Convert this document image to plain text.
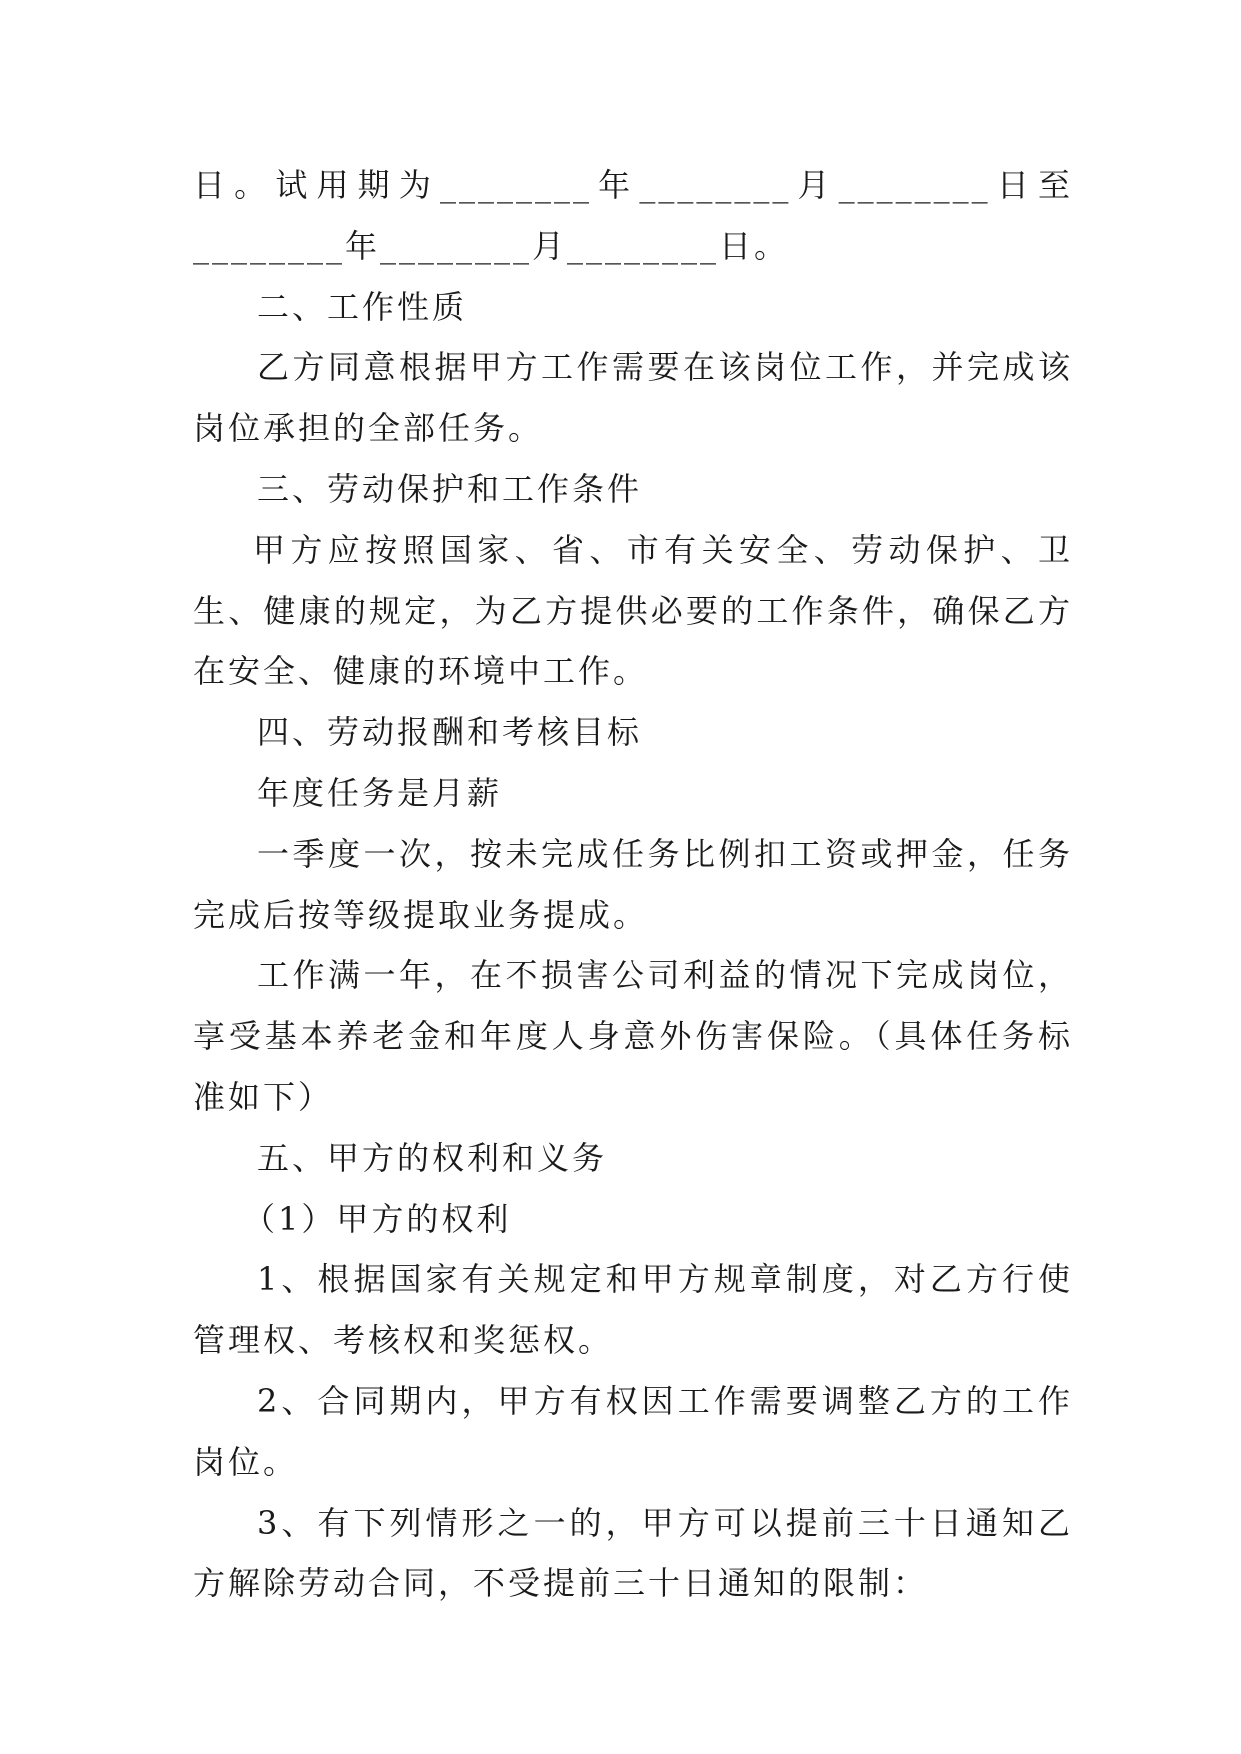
日。试用期为________年________月________日至________年________月________日。

二、工作性质

乙方同意根据甲方工作需要在该岗位工作，并完成该岗位承担的全部任务。

三、劳动保护和工作条件

甲方应按照国家、省、市有关安全、劳动保护、卫生、健康的规定，为乙方提供必要的工作条件，确保乙方在安全、健康的环境中工作。

四、劳动报酬和考核目标

年度任务是月薪

一季度一次，按未完成任务比例扣工资或押金，任务完成后按等级提取业务提成。

工作满一年，在不损害公司利益的情况下完成岗位，享受基本养老金和年度人身意外伤害保险。（具体任务标准如下）

五、甲方的权利和义务

（1）甲方的权利

1、根据国家有关规定和甲方规章制度，对乙方行使管理权、考核权和奖惩权。

2、合同期内，甲方有权因工作需要调整乙方的工作岗位。

3、有下列情形之一的，甲方可以提前三十日通知乙方解除劳动合同，不受提前三十日通知的限制：
